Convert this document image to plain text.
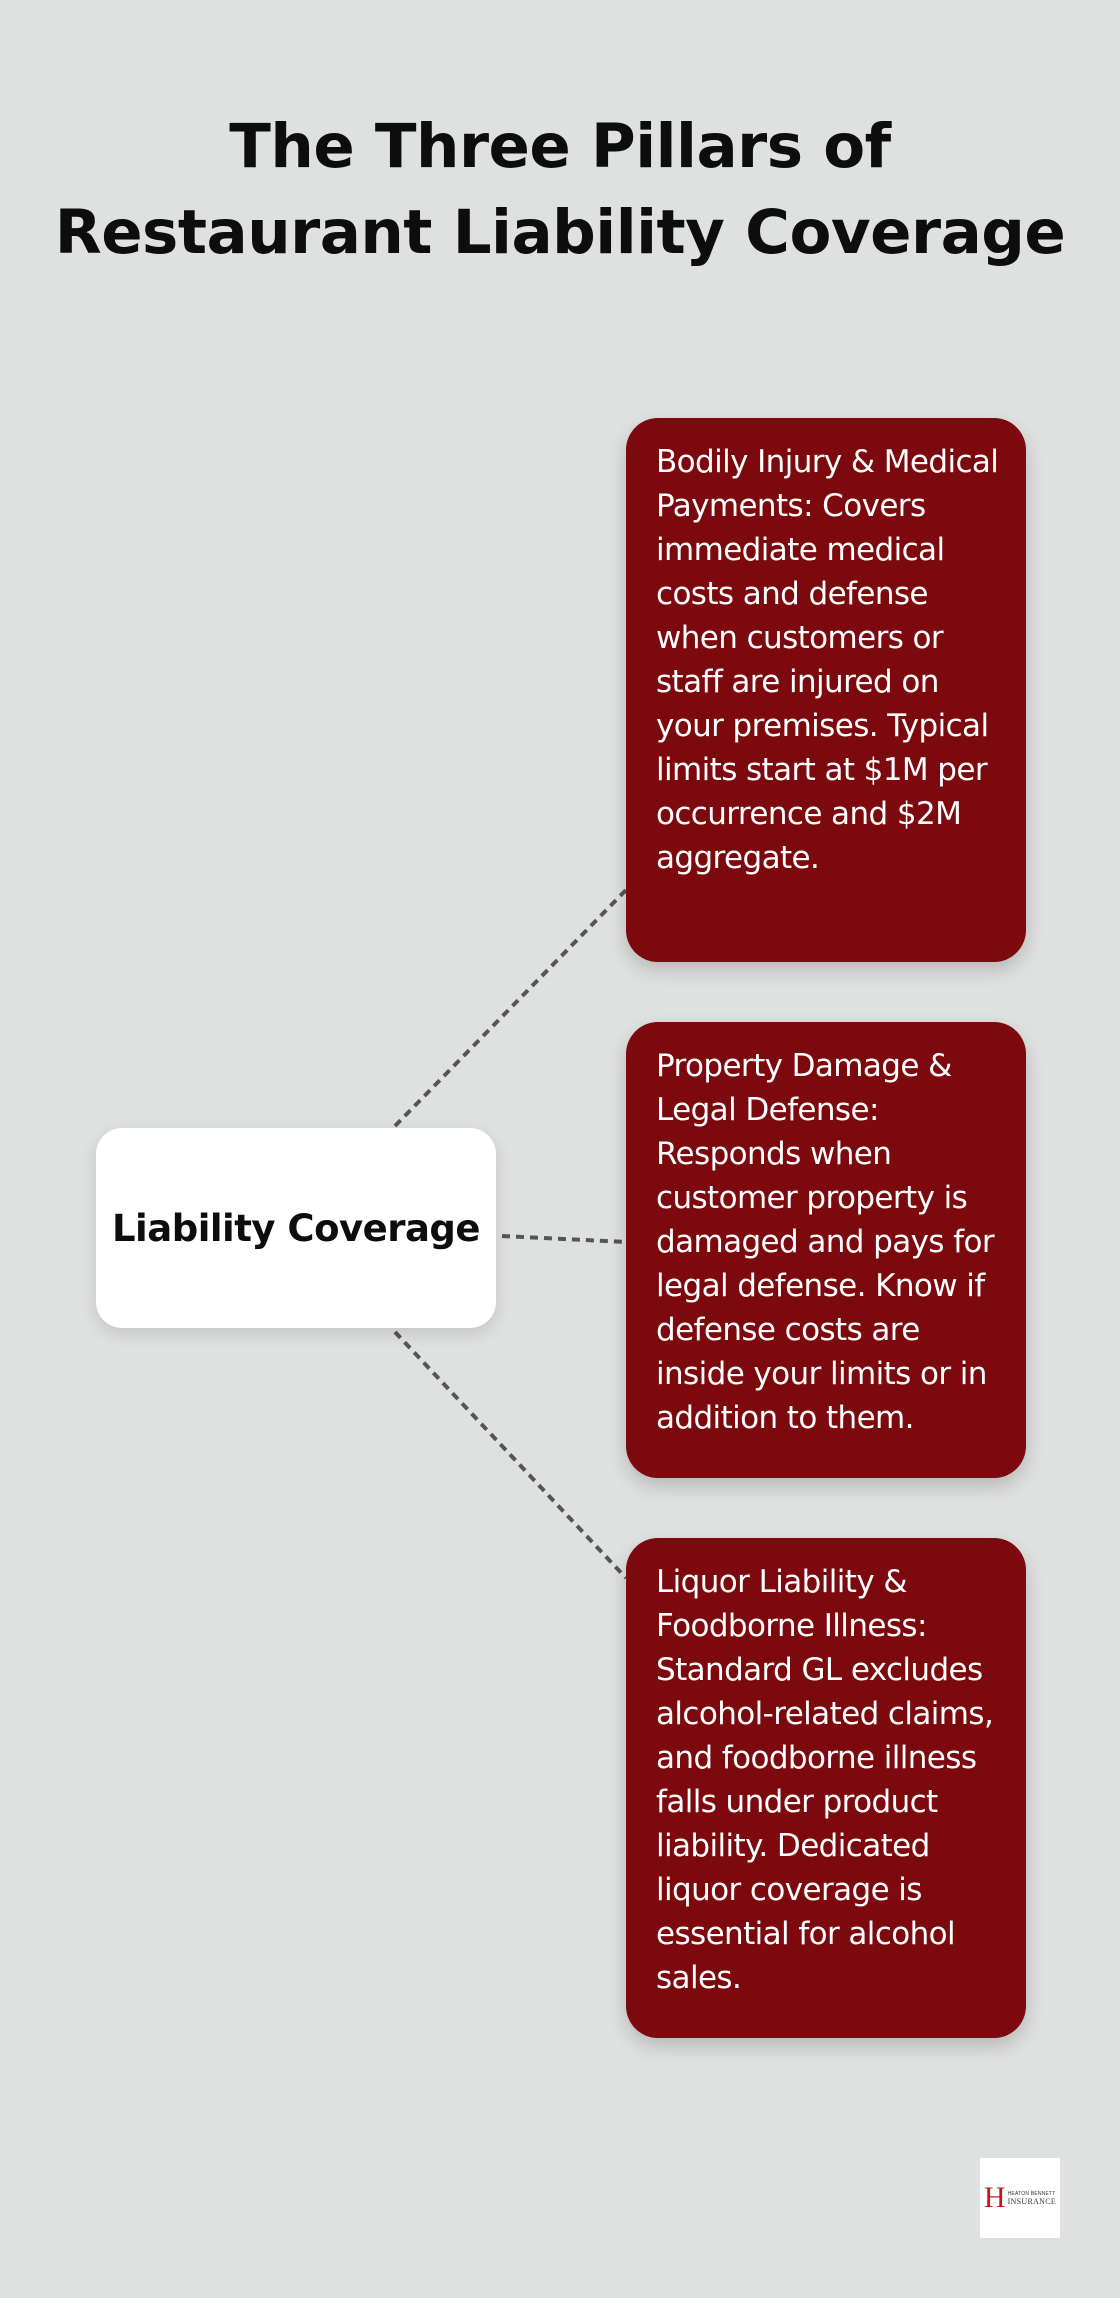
The Three Pillars of Restaurant Liability Coverage
Liability Coverage
Bodily Injury & Medical Payments: Covers immediate medical costs and defense when customers or staff are injured on your premises. Typical limits start at $1M per occurrence and $2M aggregate.
Property Damage & Legal Defense: Responds when customer property is damaged and pays for legal defense. Know if defense costs are inside your limits or in addition to them.
Liquor Liability & Foodborne Illness: Standard GL excludes alcohol-related claims, and foodborne illness falls under product liability. Dedicated liquor coverage is essential for alcohol sales.
H HEATON BENNETT
INSURANCE
